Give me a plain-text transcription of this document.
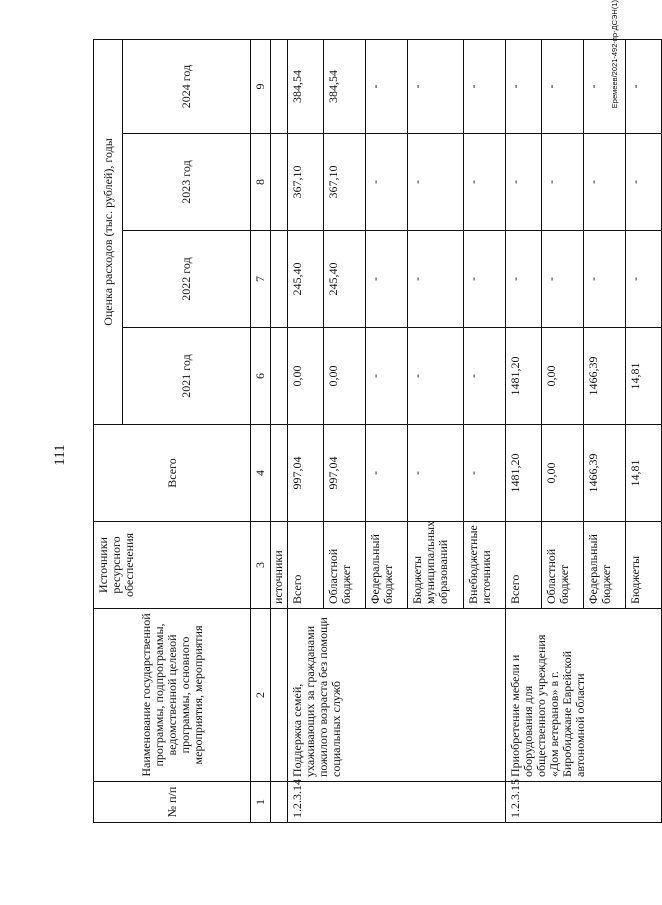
111
№ п/п	Наименование государственной программы, подпрограммы, ведомственной целевой программы, основного мероприятия, мероприятия	Источники ресурсного обеспечения	Всего	Оценка расходов (тыс. рублей), годы			
				2021 год	2022 год	2023 год	2024 год
1	2	3	4	6	7	8	9
		источники					
1.2.3.14	Поддержка семей, ухаживающих за гражданами пожилого возраста без помощи социальных служб	Всего	997,04	0,00	245,40	367,10	384,54
		Областной бюджет	997,04	0,00	245,40	367,10	384,54
		Федеральный бюджет	-	-	-	-	-
		Бюджеты муниципальных образований	-	-	-	-	-
		Внебюджетные источники	-	-	-	-	-
1.2.3.15	Приобретение мебели и оборудования для общественного учреждения «Дом ветеранов» в г. Биробиджане Еврейской автономной области	Всего	1481,20	1481,20	-	-	-
		Областной бюджет	0,00	0,00	-	-	-
		Федеральный бюджет	1466,39	1466,39	-	-	-
		Бюджеты	14,81	14,81	-	-	-
Еремеев/2021-492-пр-ДСЭН(1)
